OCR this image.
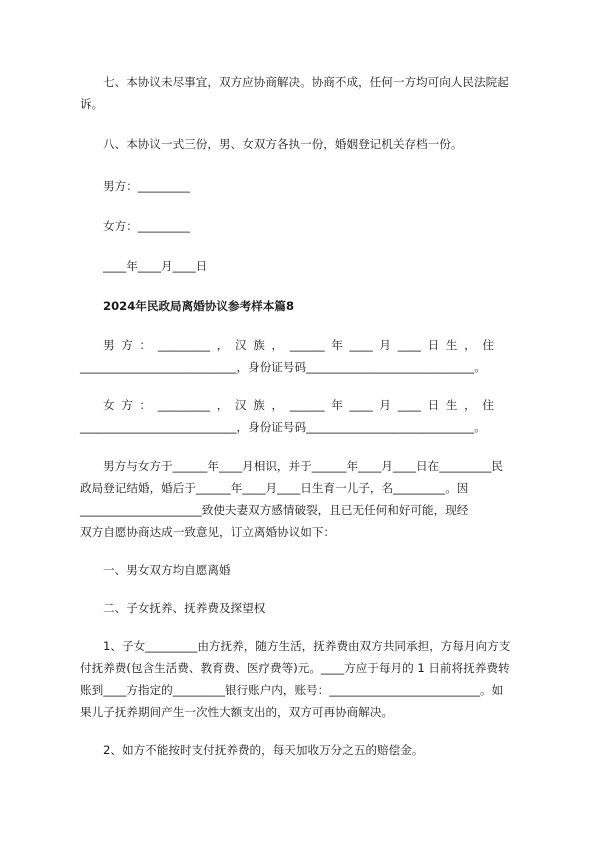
七、本协议未尽事宜，双方应协商解决。协商不成，任何一方均可向人民法院起
诉。
八、本协议一式三份，男、女双方各执一份，婚姻登记机关存档一份。
男方：_________
女方：_________
____年____月____日
2024年民政局离婚协议参考样本篇8
男 方 ： _________ ， 汉 族 ， ______ 年 ____ 月 ____ 日 生 ， 住
___________________________，身份证号码_____________________________。
女 方 ： _________ ， 汉 族 ， ______ 年 ____ 月 ____ 日 生 ， 住
___________________________，身份证号码_____________________________。
男方与女方于______年____月相识，并于______年____月____日在_________民
政局登记结婚，婚后于______年____月____日生育一儿子，名_________。因
_____________________致使夫妻双方感情破裂，且已无任何和好可能，现经
双方自愿协商达成一致意见，订立离婚协议如下：
一、男女双方均自愿离婚
二、子女抚养、抚养费及探望权
1、子女_________由方抚养，随方生活，抚养费由双方共同承担，方每月向方支
付抚养费(包含生活费、教育费、医疗费等)元。____方应于每月的 1 日前将抚养费转
账到____方指定的_________银行账户内，账号：__________________________。如
果儿子抚养期间产生一次性大额支出的，双方可再协商解决。
2、如方不能按时支付抚养费的，每天加收万分之五的赔偿金。
